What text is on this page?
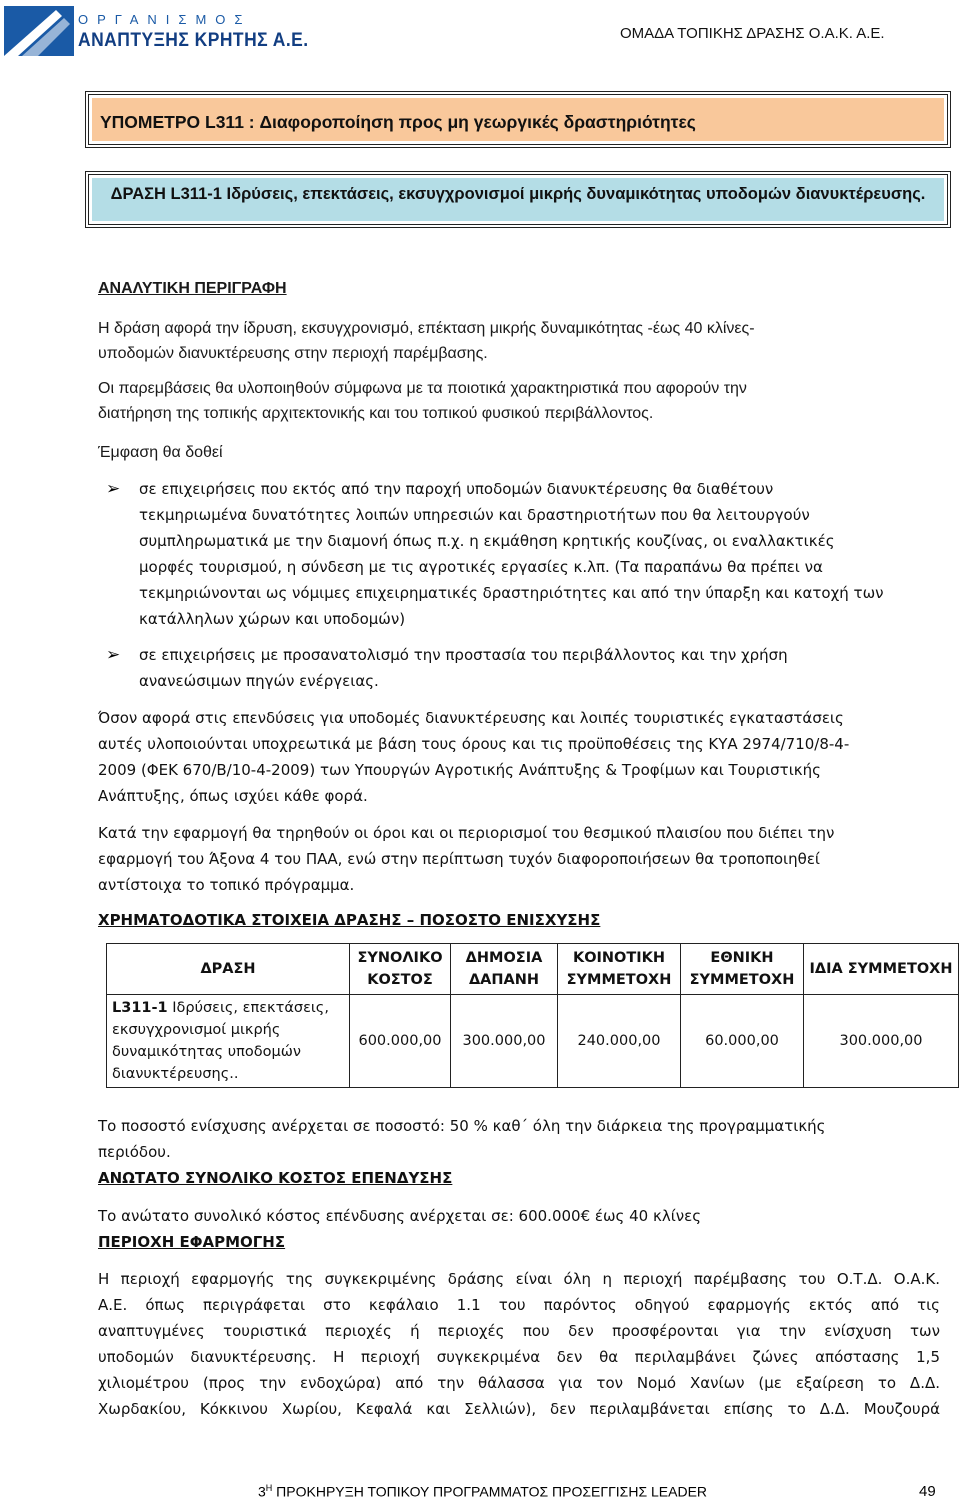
ΟΡΓΑΝΙΣΜΟΣ
ΑΝΑΠΤΥΞΗΣ ΚΡΗΤΗΣ Α.Ε.	ΟΜΑΔΑ ΤΟΠΙΚΗΣ ΔΡΑΣΗΣ Ο.Α.Κ. Α.Ε.
ΥΠΟΜΕΤΡΟ L311 : Διαφοροποίηση προς μη γεωργικές δραστηριότητες
ΔΡΑΣΗ L311-1 Ιδρύσεις, επεκτάσεις, εκσυγχρονισμοί μικρής δυναμικότητας υποδομών διανυκτέρευσης.
ΑΝΑΛΥΤΙΚΗ ΠΕΡΙΓΡΑΦΗ
Η δράση αφορά την ίδρυση, εκσυγχρονισμό, επέκταση μικρής δυναμικότητας -έως 40 κλίνες-
υποδομών διανυκτέρευσης στην περιοχή παρέμβασης.
Οι παρεμβάσεις θα υλοποιηθούν σύμφωνα με τα ποιοτικά χαρακτηριστικά που αφορούν την
διατήρηση της τοπικής αρχιτεκτονικής και του τοπικού φυσικού περιβάλλοντος.
Έμφαση θα δοθεί
➢ σε επιχειρήσεις που εκτός από την παροχή υποδομών διανυκτέρευσης θα διαθέτουν
τεκμηριωμένα δυνατότητες λοιπών υπηρεσιών και δραστηριοτήτων που θα λειτουργούν
συμπληρωματικά με την διαμονή όπως π.χ. η εκμάθηση κρητικής κουζίνας, οι εναλλακτικές
μορφές τουρισμού, η σύνδεση με τις αγροτικές εργασίες κ.λπ. (Τα παραπάνω θα πρέπει να
τεκμηριώνονται ως νόμιμες επιχειρηματικές δραστηριότητες και από την ύπαρξη και κατοχή των
κατάλληλων χώρων και υποδομών)
➢ σε επιχειρήσεις με προσανατολισμό την προστασία του περιβάλλοντος και την χρήση
ανανεώσιμων πηγών ενέργειας.
Όσον αφορά στις επενδύσεις για υποδομές διανυκτέρευσης και λοιπές τουριστικές εγκαταστάσεις
αυτές υλοποιούνται υποχρεωτικά με βάση τους όρους και τις προϋποθέσεις της ΚΥΑ 2974/710/8-4-
2009 (ΦΕΚ 670/Β/10-4-2009) των Υπουργών Αγροτικής Ανάπτυξης & Τροφίμων και Τουριστικής
Ανάπτυξης, όπως ισχύει κάθε φορά.
Κατά την εφαρμογή θα τηρηθούν οι όροι και οι περιορισμοί του θεσμικού πλαισίου που διέπει την
εφαρμογή του Άξονα 4 του ΠΑΑ, ενώ στην περίπτωση τυχόν διαφοροποιήσεων θα τροποποιηθεί
αντίστοιχα το τοπικό πρόγραμμα.
ΧΡΗΜΑΤΟΔΟΤΙΚΑ ΣΤΟΙΧΕΙΑ ΔΡΑΣΗΣ – ΠΟΣΟΣΤΟ ΕΝΙΣΧΥΣΗΣ
ΔΡΑΣΗ	ΣΥΝΟΛΙΚΟ ΚΟΣΤΟΣ	ΔΗΜΟΣΙΑ ΔΑΠΑΝΗ	ΚΟΙΝΟΤΙΚΗ ΣΥΜΜΕΤΟΧΗ	ΕΘΝΙΚΗ ΣΥΜΜΕΤΟΧΗ	ΙΔΙΑ ΣΥΜΜΕΤΟΧΗ
L311-1 Ιδρύσεις, επεκτάσεις, εκσυγχρονισμοί μικρής δυναμικότητας υποδομών διανυκτέρευσης..	600.000,00	300.000,00	240.000,00	60.000,00	300.000,00
Το ποσοστό ενίσχυσης ανέρχεται σε ποσοστό: 50 % καθ΄ όλη την διάρκεια της προγραμματικής
περιόδου.
ΑΝΩΤΑΤΟ ΣΥΝΟΛΙΚΟ ΚΟΣΤΟΣ ΕΠΕΝΔΥΣΗΣ
Το ανώτατο συνολικό κόστος επένδυσης ανέρχεται σε: 600.000€ έως 40 κλίνες
ΠΕΡΙΟΧΗ ΕΦΑΡΜΟΓΗΣ
Η περιοχή εφαρμογής της συγκεκριμένης δράσης είναι όλη η περιοχή παρέμβασης του Ο.Τ.Δ. Ο.Α.Κ.
Α.Ε. όπως περιγράφεται στο κεφάλαιο 1.1 του παρόντος οδηγού εφαρμογής εκτός από τις
αναπτυγμένες τουριστικά περιοχές ή περιοχές που δεν προσφέρονται για την ενίσχυση των
υποδομών διανυκτέρευσης. Η περιοχή συγκεκριμένα δεν θα περιλαμβάνει ζώνες απόστασης 1,5
χιλιομέτρου (προς την ενδοχώρα) από την θάλασσα για τον Νομό Χανίων (με εξαίρεση το Δ.Δ.
Χωρδακίου, Κόκκινου Χωρίου, Κεφαλά και Σελλιών), δεν περιλαμβάνεται επίσης το Δ.Δ. Μουζουρά
$3^H$ ΠΡΟΚΗΡΥΞΗ ΤΟΠΙΚΟΥ ΠΡΟΓΡΑΜΜΑΤΟΣ ΠΡΟΣΕΓΓΙΣΗΣ LEADER	49
